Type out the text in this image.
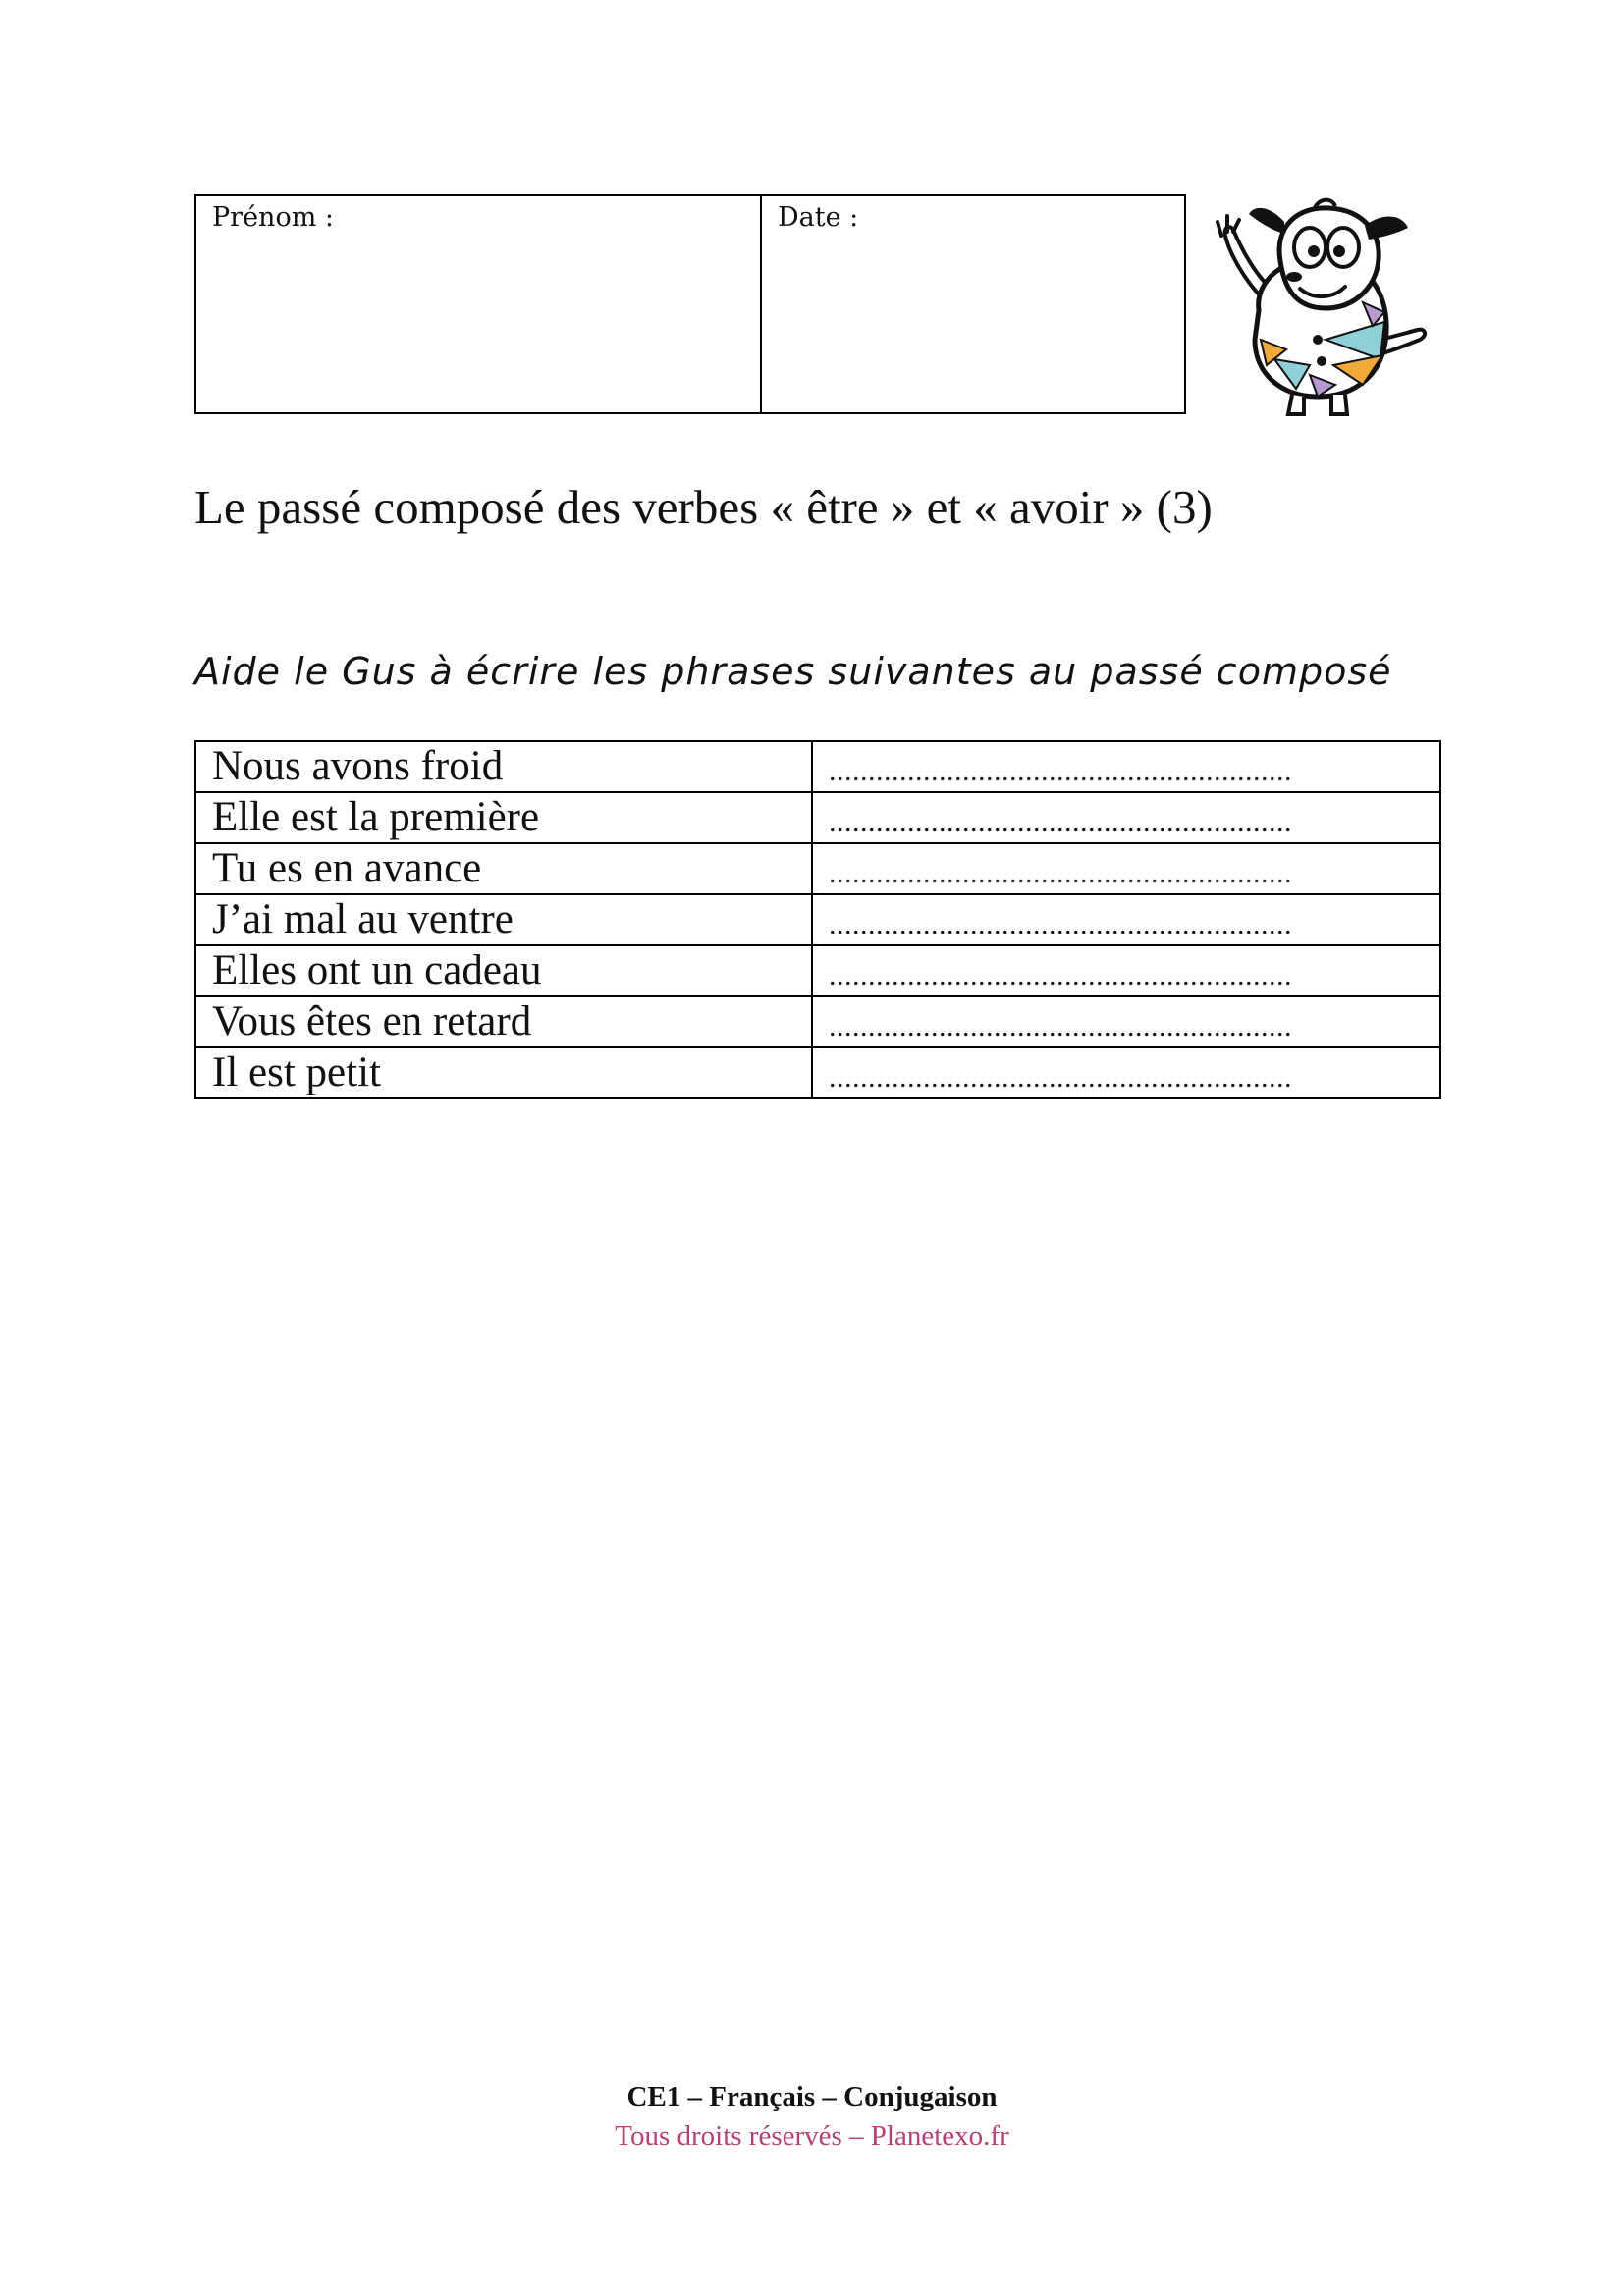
Prénom :	Date :
Le passé composé des verbes « être » et « avoir » (3)
Aide le Gus à écrire les phrases suivantes au passé composé
Nous avons froid	...........................................................
Elle est la première	...........................................................
Tu es en avance	...........................................................
J’ai mal au ventre	...........................................................
Elles ont un cadeau	...........................................................
Vous êtes en retard	...........................................................
Il est petit	...........................................................
CE1 – Français – Conjugaison
Tous droits réservés – Planetexo.fr
